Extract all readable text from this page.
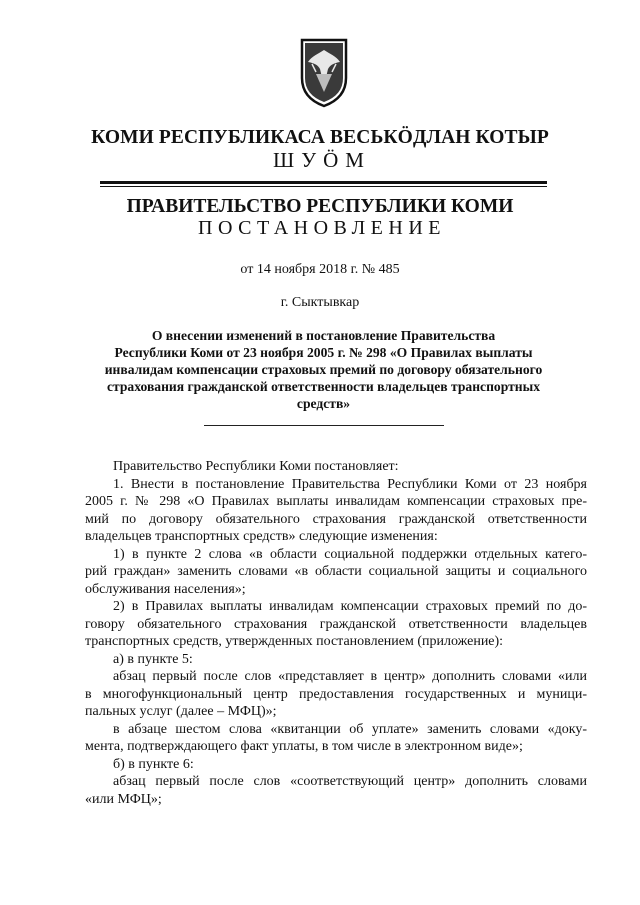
КОМИ РЕСПУБЛИКАСА ВЕСЬКӦДЛАН КОТЫР
ШУӦМ
ПРАВИТЕЛЬСТВО РЕСПУБЛИКИ КОМИ
ПОСТАНОВЛЕНИЕ
от 14 ноября 2018 г. № 485
г. Сыктывкар
О внесении изменений в постановление Правительства
Республики Коми от 23 ноября 2005 г. № 298 «О Правилах выплаты
инвалидам компенсации страховых премий по договору обязательного
страхования гражданской ответственности владельцев транспортных
средств»
Правительство Республики Коми постановляет:
1. Внести в постановление Правительства Республики Коми от 23 ноября
2005 г. № 298 «О Правилах выплаты инвалидам компенсации страховых пре-
мий по договору обязательного страхования гражданской ответственности
владельцев транспортных средств» следующие изменения:
1) в пункте 2 слова «в области социальной поддержки отдельных катего-
рий граждан» заменить словами «в области социальной защиты и социального
обслуживания населения»;
2) в Правилах выплаты инвалидам компенсации страховых премий по до-
говору обязательного страхования гражданской ответственности владельцев
транспортных средств, утвержденных постановлением (приложение):
а) в пункте 5:
абзац первый после слов «представляет в центр» дополнить словами «или
в многофункциональный центр предоставления государственных и муници-
пальных услуг (далее – МФЦ)»;
в абзаце шестом слова «квитанции об уплате» заменить словами «доку-
мента, подтверждающего факт уплаты, в том числе в электронном виде»;
б) в пункте 6:
абзац первый после слов «соответствующий центр» дополнить словами
«или МФЦ»;
